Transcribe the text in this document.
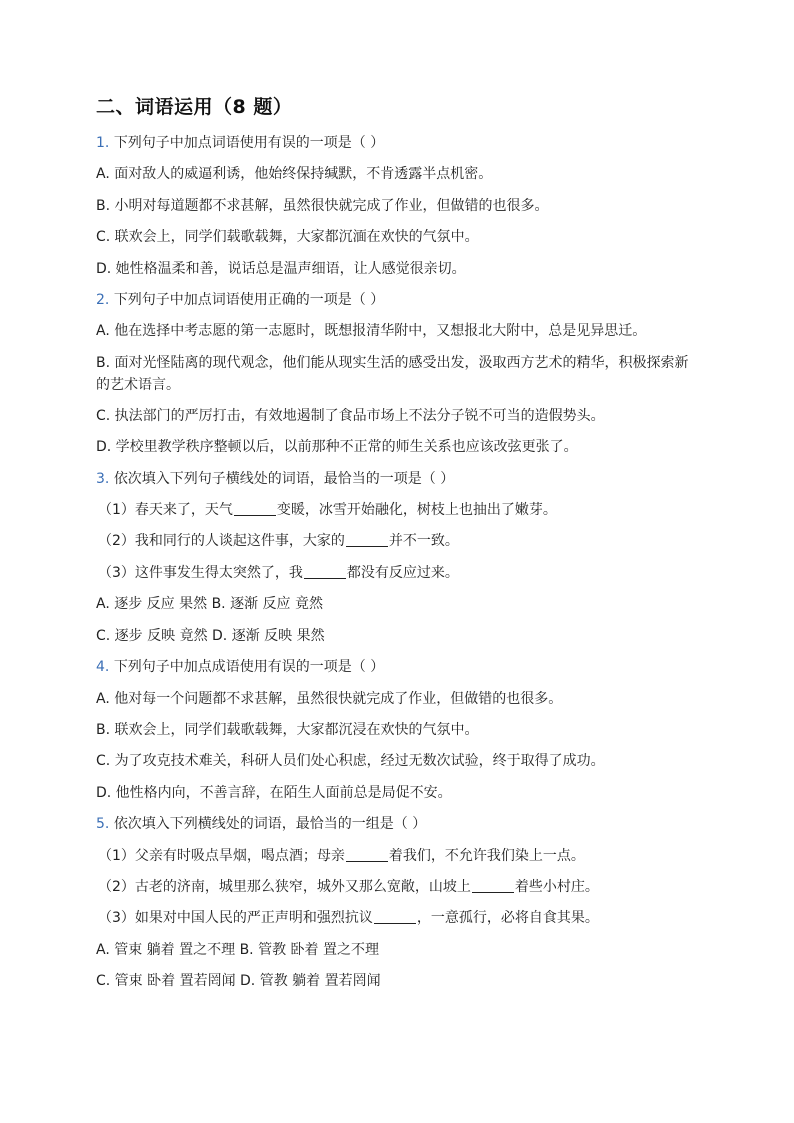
二、词语运用（8 题）
1. 下列句子中加点词语使用有误的一项是（ ）
A. 面对敌人的威逼利诱，他始终保持缄默，不肯透露半点机密。
B. 小明对每道题都不求甚解，虽然很快就完成了作业，但做错的也很多。
C. 联欢会上，同学们载歌载舞，大家都沉湎在欢快的气氛中。
D. 她性格温柔和善，说话总是温声细语，让人感觉很亲切。
2. 下列句子中加点词语使用正确的一项是（ ）
A. 他在选择中考志愿的第一志愿时，既想报清华附中，又想报北大附中，总是见异思迁。
B. 面对光怪陆离的现代观念，他们能从现实生活的感受出发，汲取西方艺术的精华，积极探索新的艺术语言。
C. 执法部门的严厉打击，有效地遏制了食品市场上不法分子锐不可当的造假势头。
D. 学校里教学秩序整顿以后，以前那种不正常的师生关系也应该改弦更张了。
3. 依次填入下列句子横线处的词语，最恰当的一项是（ ）
（1）春天来了，天气	变暖，冰雪开始融化，树枝上也抽出了嫩芽。
（2）我和同行的人谈起这件事，大家的	并不一致。
（3）这件事发生得太突然了，我	都没有反应过来。
A. 逐步 反应 果然 B. 逐渐 反应 竟然
C. 逐步 反映 竟然 D. 逐渐 反映 果然
4. 下列句子中加点成语使用有误的一项是（ ）
A. 他对每一个问题都不求甚解，虽然很快就完成了作业，但做错的也很多。
B. 联欢会上，同学们载歌载舞，大家都沉浸在欢快的气氛中。
C. 为了攻克技术难关，科研人员们处心积虑，经过无数次试验，终于取得了成功。
D. 他性格内向，不善言辞，在陌生人面前总是局促不安。
5. 依次填入下列横线处的词语，最恰当的一组是（ ）
（1）父亲有时吸点旱烟，喝点酒；母亲	着我们，不允许我们染上一点。
（2）古老的济南，城里那么狭窄，城外又那么宽敞，山坡上	着些小村庄。
（3）如果对中国人民的严正声明和强烈抗议	，一意孤行，必将自食其果。
A. 管束 躺着 置之不理 B. 管教 卧着 置之不理
C. 管束 卧着 置若罔闻 D. 管教 躺着 置若罔闻
